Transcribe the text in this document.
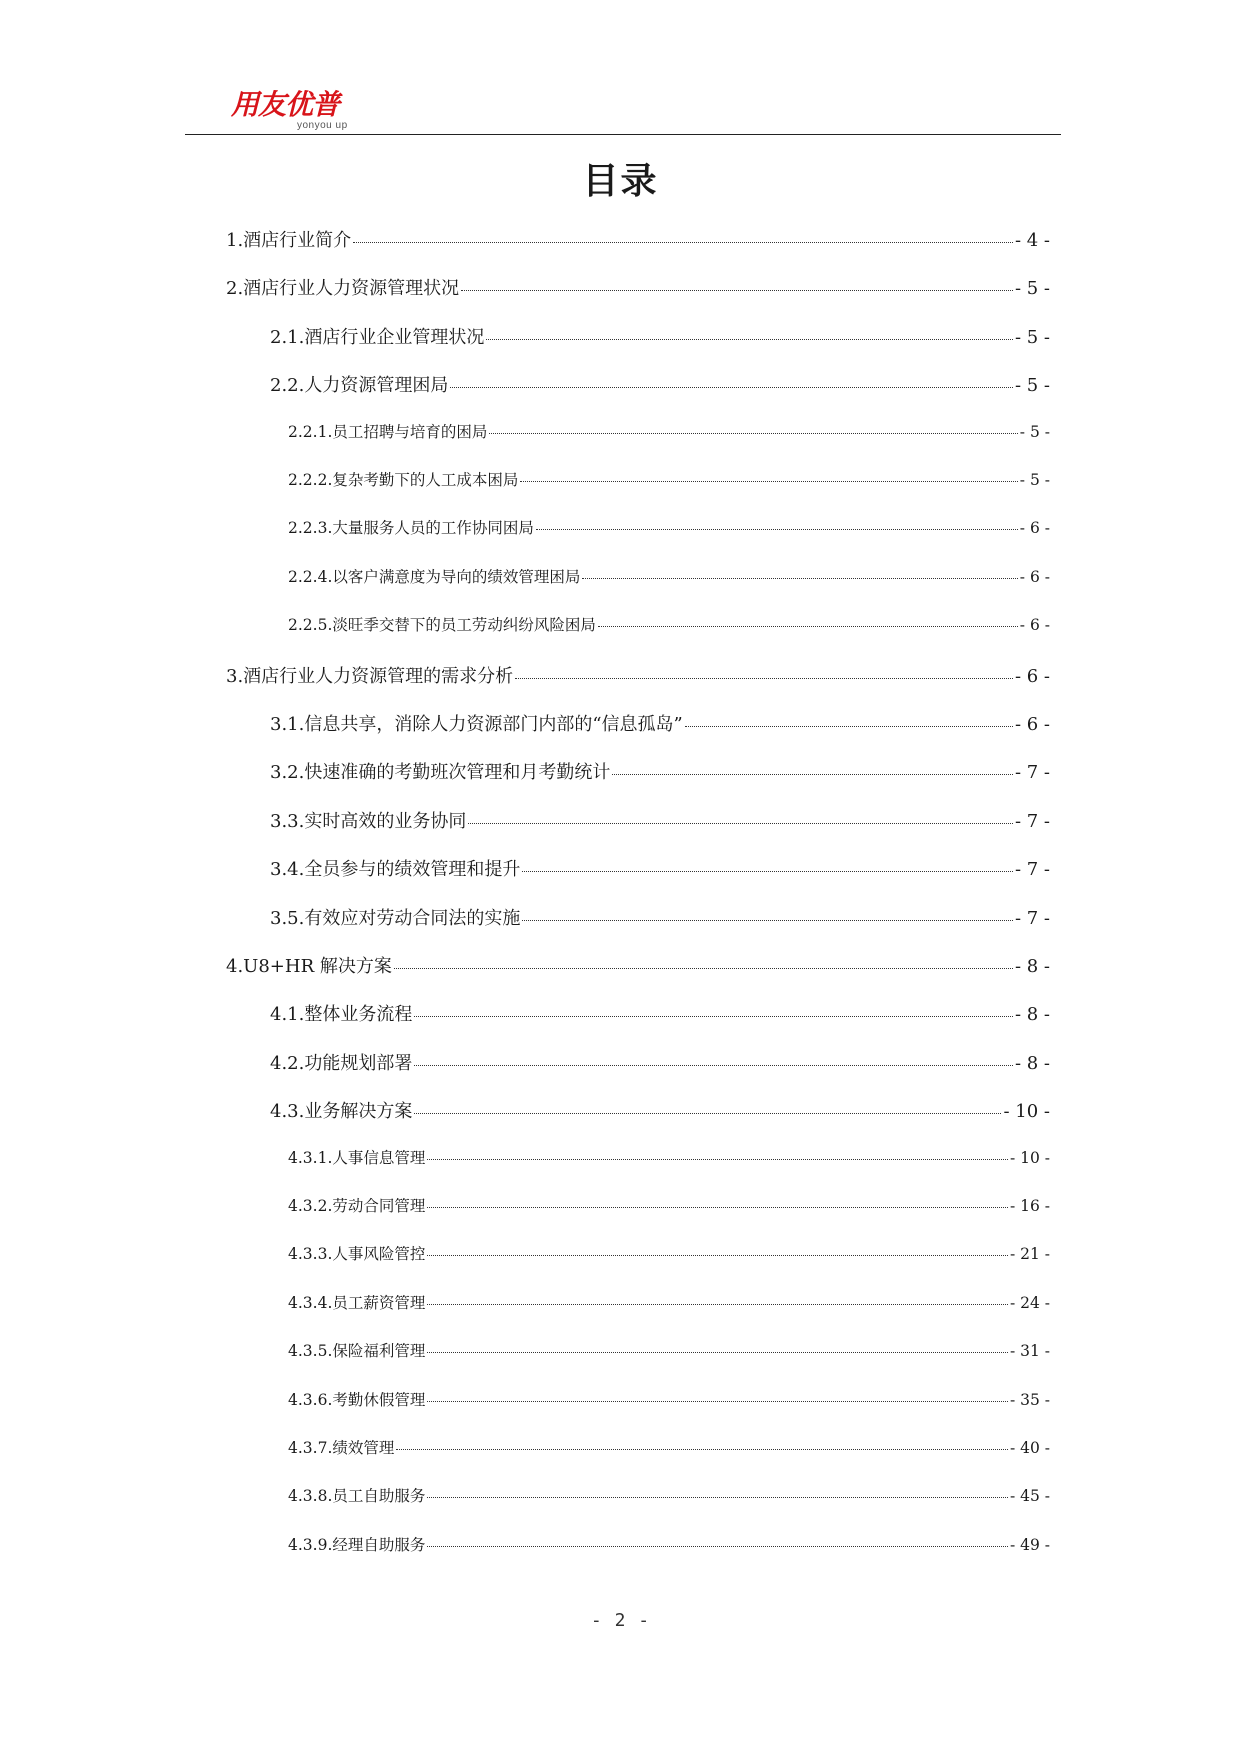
用友优普
yonyou up
目录
1.酒店行业简介	- 4 -
2.酒店行业人力资源管理状况	- 5 -
2.1.酒店行业企业管理状况	- 5 -
2.2.人力资源管理困局	- 5 -
2.2.1.员工招聘与培育的困局	- 5 -
2.2.2.复杂考勤下的人工成本困局	- 5 -
2.2.3.大量服务人员的工作协同困局	- 6 -
2.2.4.以客户满意度为导向的绩效管理困局	- 6 -
2.2.5.淡旺季交替下的员工劳动纠纷风险困局	- 6 -
3.酒店行业人力资源管理的需求分析	- 6 -
3.1.信息共享，消除人力资源部门内部的“信息孤岛”	- 6 -
3.2.快速准确的考勤班次管理和月考勤统计	- 7 -
3.3.实时高效的业务协同	- 7 -
3.4.全员参与的绩效管理和提升	- 7 -
3.5.有效应对劳动合同法的实施	- 7 -
4.U8+HR 解决方案	- 8 -
4.1.整体业务流程	- 8 -
4.2.功能规划部署	- 8 -
4.3.业务解决方案	- 10 -
4.3.1.人事信息管理	- 10 -
4.3.2.劳动合同管理	- 16 -
4.3.3.人事风险管控	- 21 -
4.3.4.员工薪资管理	- 24 -
4.3.5.保险福利管理	- 31 -
4.3.6.考勤休假管理	- 35 -
4.3.7.绩效管理	- 40 -
4.3.8.员工自助服务	- 45 -
4.3.9.经理自助服务	- 49 -
- 2 -
